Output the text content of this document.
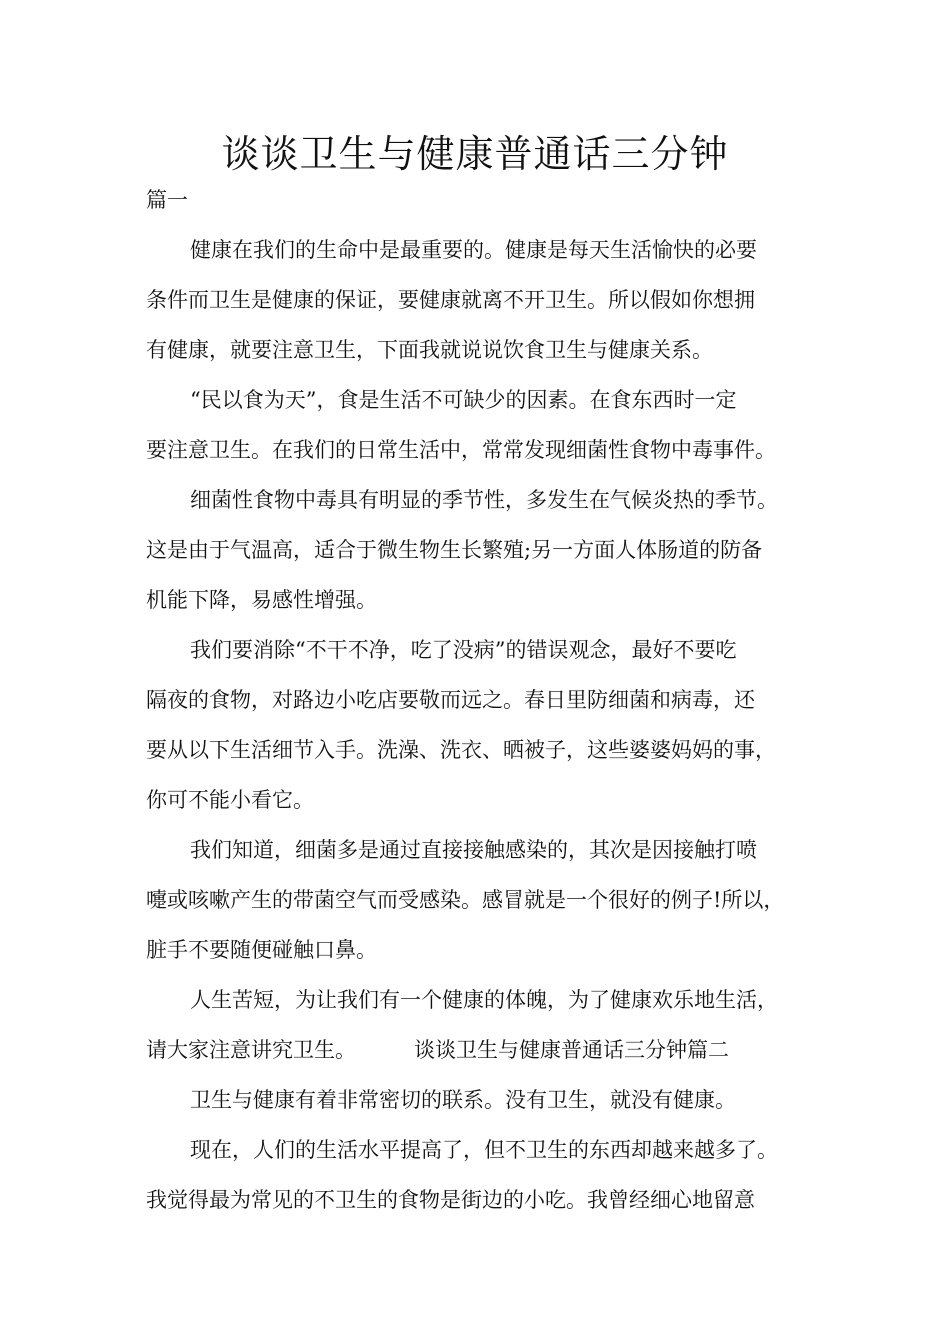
谈谈卫生与健康普通话三分钟

篇一

健康在我们的生命中是最重要的。健康是每天生活愉快的必要

条件而卫生是健康的保证，要健康就离不开卫生。所以假如你想拥

有健康，就要注意卫生，下面我就说说饮食卫生与健康关系。

“民以食为天”，食是生活不可缺少的因素。在食东西时一定

要注意卫生。在我们的日常生活中，常常发现细菌性食物中毒事件。

细菌性食物中毒具有明显的季节性，多发生在气候炎热的季节。

这是由于气温高，适合于微生物生长繁殖;另一方面人体肠道的防备

机能下降，易感性增强。

我们要消除“不干不净，吃了没病”的错误观念，最好不要吃

隔夜的食物，对路边小吃店要敬而远之。春日里防细菌和病毒，还

要从以下生活细节入手。洗澡、洗衣、晒被子，这些婆婆妈妈的事，

你可不能小看它。

我们知道，细菌多是通过直接接触感染的，其次是因接触打喷

嚏或咳嗽产生的带菌空气而受感染。感冒就是一个很好的例子!所以，

脏手不要随便碰触口鼻。

人生苦短，为让我们有一个健康的体魄，为了健康欢乐地生活，

请大家注意讲究卫生。	谈谈卫生与健康普通话三分钟篇二

卫生与健康有着非常密切的联系。没有卫生，就没有健康。

现在，人们的生活水平提高了，但不卫生的东西却越来越多了。

我觉得最为常见的不卫生的食物是街边的小吃。我曾经细心地留意
